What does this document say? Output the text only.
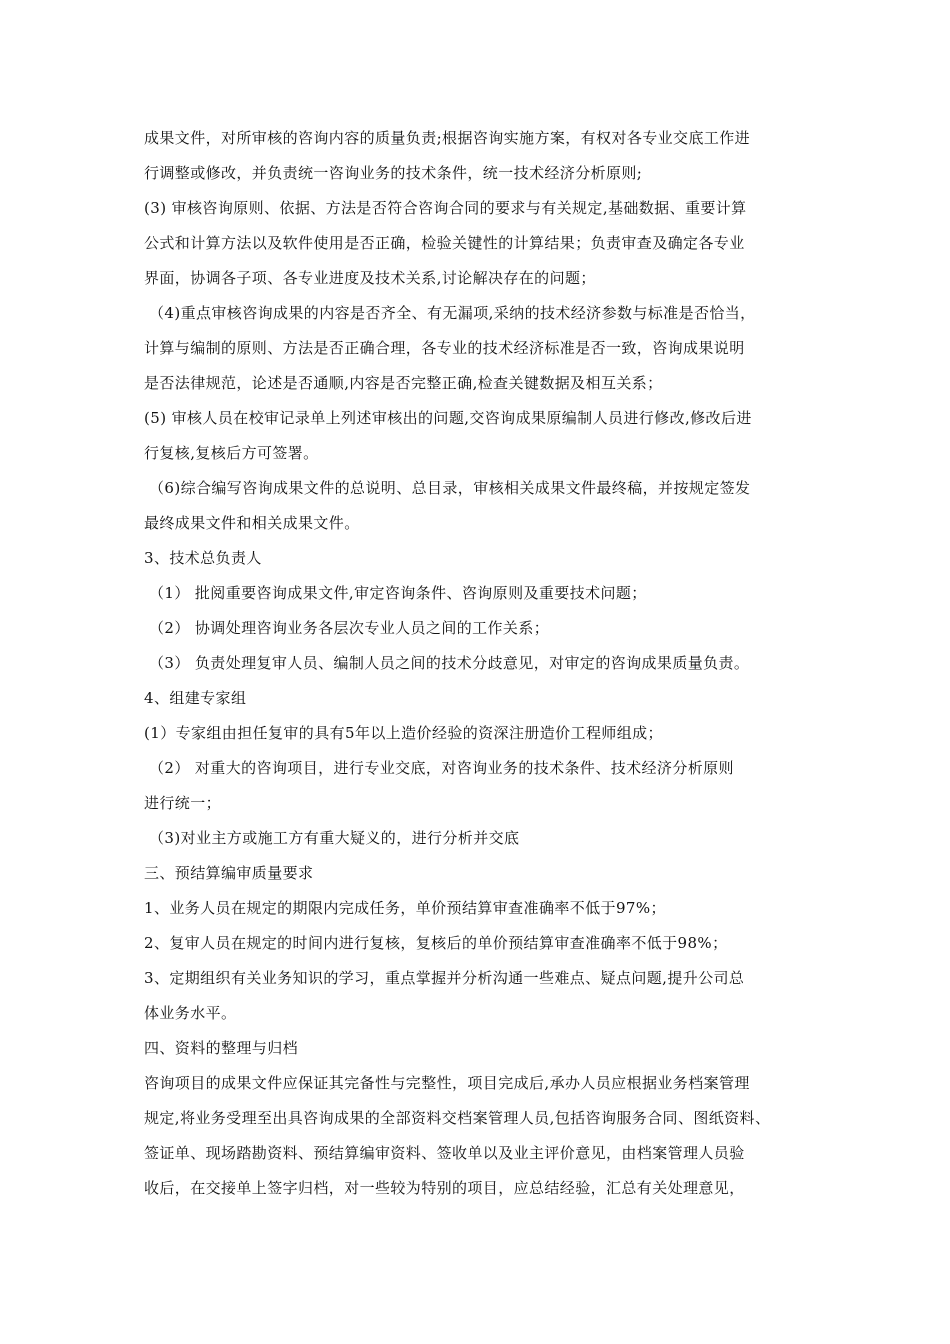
成果文件，对所审核的咨询内容的质量负责;根据咨询实施方案，有权对各专业交底工作进
行调整或修改，并负责统一咨询业务的技术条件，统一技术经济分析原则;
(3) 审核咨询原则、依据、方法是否符合咨询合同的要求与有关规定,基础数据、重要计算
公式和计算方法以及软件使用是否正确，检验关键性的计算结果；负责审查及确定各专业
界面，协调各子项、各专业进度及技术关系,讨论解决存在的问题；
（4)重点审核咨询成果的内容是否齐全、有无漏项,采纳的技术经济参数与标准是否恰当，
计算与编制的原则、方法是否正确合理，各专业的技术经济标准是否一致，咨询成果说明
是否法律规范，论述是否通顺,内容是否完整正确,检查关键数据及相互关系；
(5) 审核人员在校审记录单上列述审核出的问题,交咨询成果原编制人员进行修改,修改后进
行复核,复核后方可签署。
（6)综合编写咨询成果文件的总说明、总目录，审核相关成果文件最终稿，并按规定签发
最终成果文件和相关成果文件。
3、技术总负责人
（1） 批阅重要咨询成果文件,审定咨询条件、咨询原则及重要技术问题；
（2） 协调处理咨询业务各层次专业人员之间的工作关系；
（3） 负责处理复审人员、编制人员之间的技术分歧意见，对审定的咨询成果质量负责。
4、组建专家组
(1）专家组由担任复审的具有5年以上造价经验的资深注册造价工程师组成；
（2） 对重大的咨询项目，进行专业交底，对咨询业务的技术条件、技术经济分析原则
进行统一；
（3)对业主方或施工方有重大疑义的，进行分析并交底
三、预结算编审质量要求
1、业务人员在规定的期限内完成任务，单价预结算审查准确率不低于97%；
2、复审人员在规定的时间内进行复核，复核后的单价预结算审查准确率不低于98%；
3、定期组织有关业务知识的学习，重点掌握并分析沟通一些难点、疑点问题,提升公司总
体业务水平。
四、资料的整理与归档
咨询项目的成果文件应保证其完备性与完整性，项目完成后,承办人员应根据业务档案管理
规定,将业务受理至出具咨询成果的全部资料交档案管理人员,包括咨询服务合同、图纸资料、
签证单、现场踏勘资料、预结算编审资料、签收单以及业主评价意见，由档案管理人员验
收后，在交接单上签字归档，对一些较为特别的项目，应总结经验，汇总有关处理意见，
